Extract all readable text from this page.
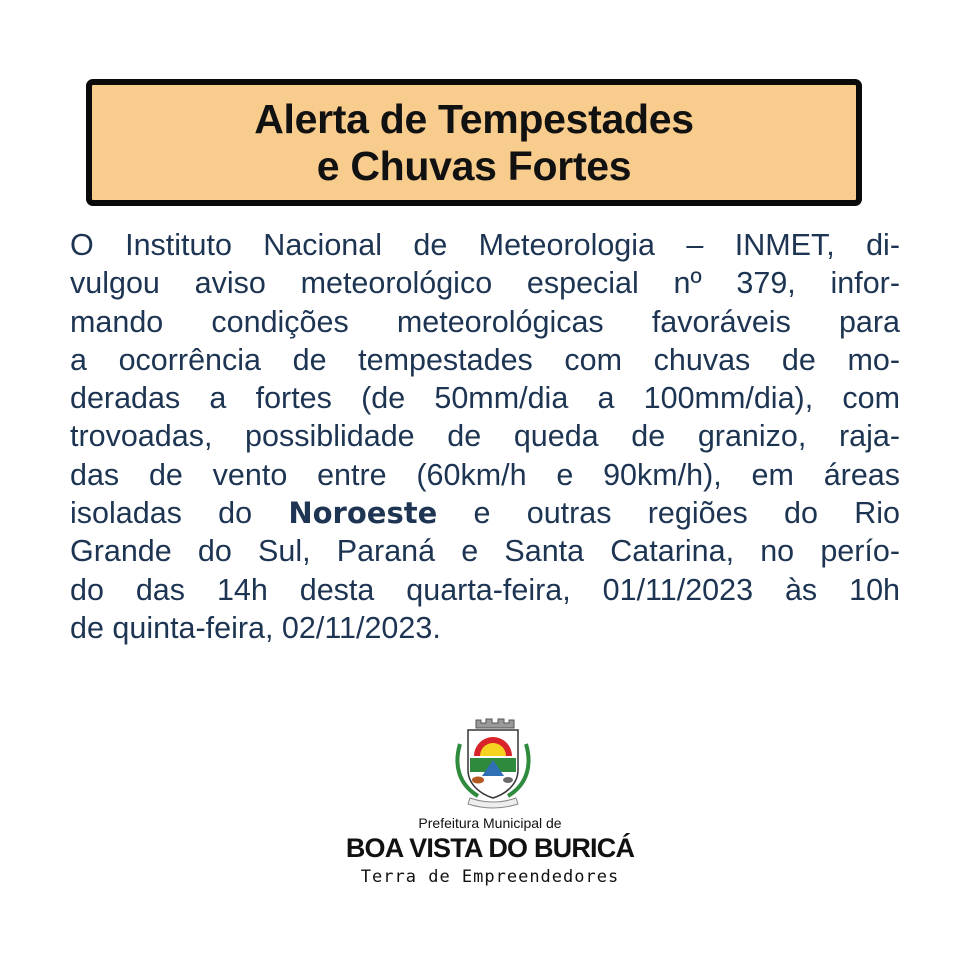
Alerta de Tempestades
e Chuvas Fortes
O Instituto Nacional de Meteorologia – INMET, di-
vulgou aviso meteorológico especial nº 379, infor-
mando condições meteorológicas favoráveis para
a ocorrência de tempestades com chuvas de mo-
deradas a fortes (de 50mm/dia a 100mm/dia), com
trovoadas, possiblidade de queda de granizo, raja-
das de vento entre (60km/h e 90km/h), em áreas
isoladas do Noroeste e outras regiões do Rio
Grande do Sul, Paraná e Santa Catarina, no perío-
do das 14h desta quarta-feira, 01/11/2023 às 10h
de quinta-feira, 02/11/2023.
Prefeitura Municipal de
BOA VISTA DO BURICÁ
Terra de Empreendedores
